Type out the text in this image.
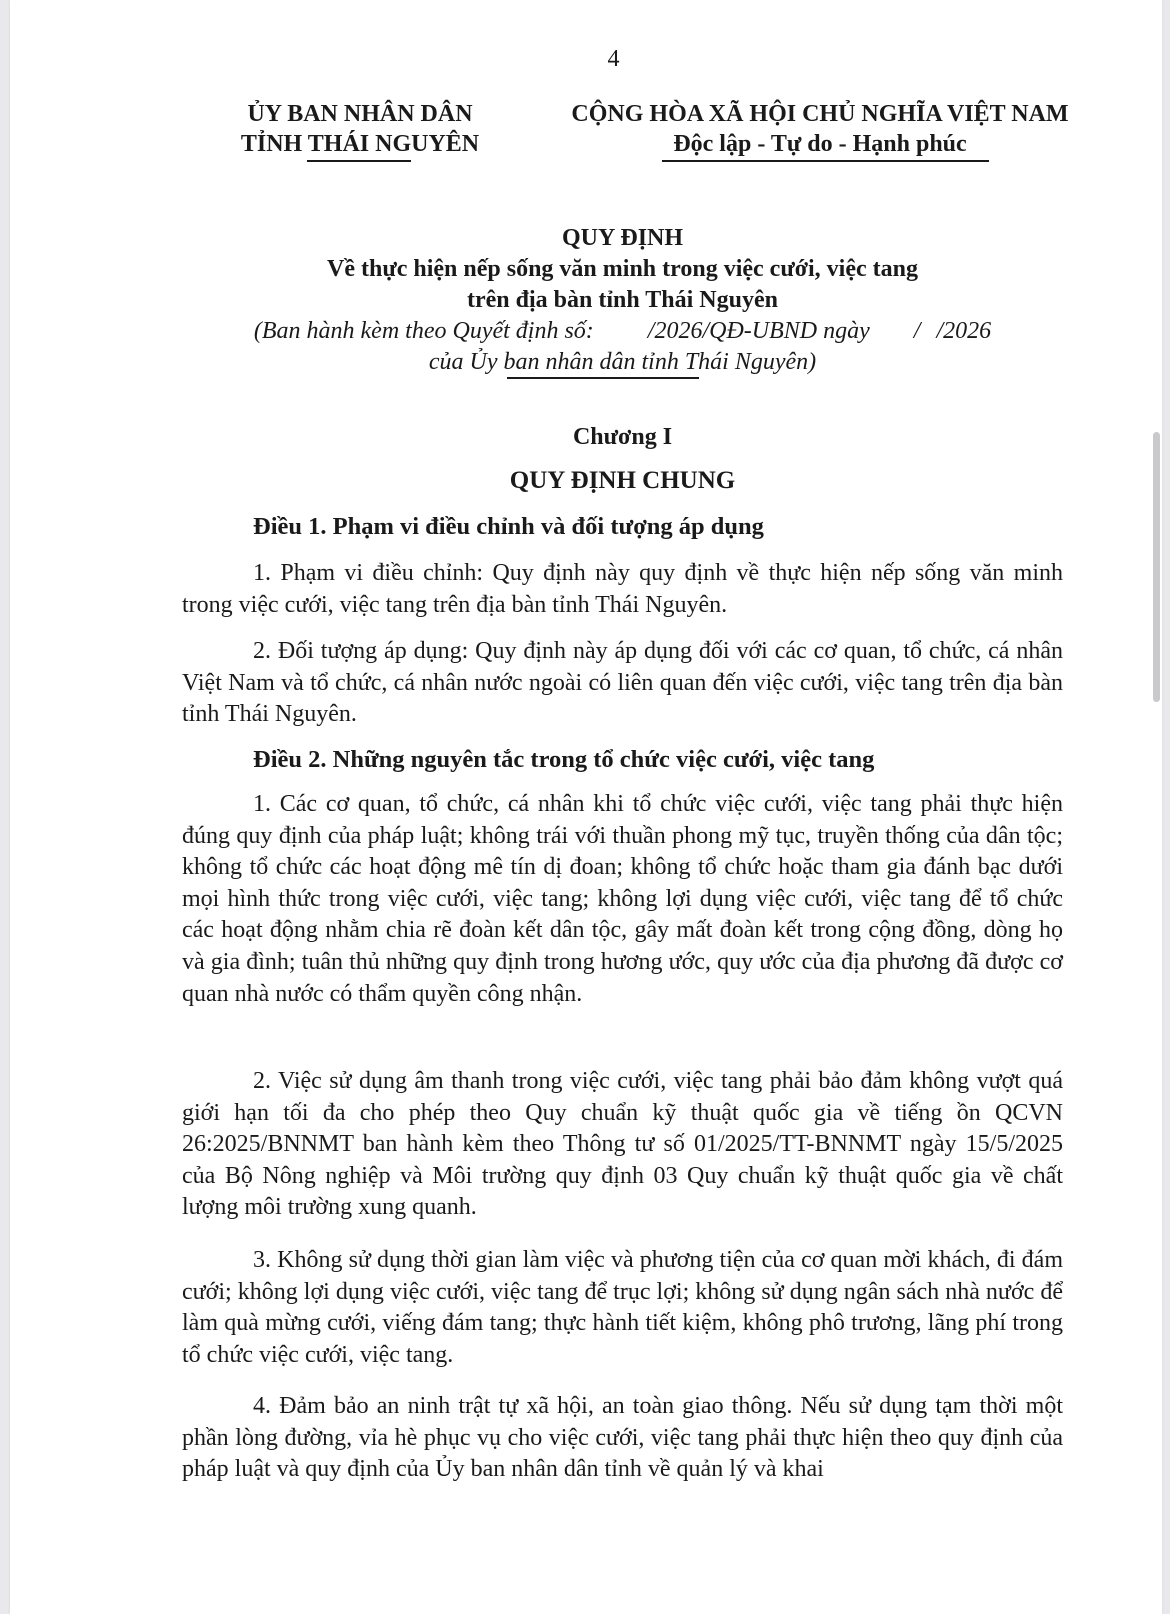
4
ỦY BAN NHÂN DÂN
TỈNH THÁI NGUYÊN
CỘNG HÒA XÃ HỘI CHỦ NGHĨA VIỆT NAM
Độc lập - Tự do - Hạnh phúc
QUY ĐỊNH
Về thực hiện nếp sống văn minh trong việc cưới, việc tang
trên địa bàn tỉnh Thái Nguyên
(Ban hành kèm theo Quyết định số: /2026/QĐ-UBND ngày / /2026
của Ủy ban nhân dân tỉnh Thái Nguyên)
Chương I
QUY ĐỊNH CHUNG
Điều 1. Phạm vi điều chỉnh và đối tượng áp dụng

1. Phạm vi điều chỉnh: Quy định này quy định về thực hiện nếp sống văn minh trong việc cưới, việc tang trên địa bàn tỉnh Thái Nguyên.

2. Đối tượng áp dụng: Quy định này áp dụng đối với các cơ quan, tổ chức, cá nhân Việt Nam và tổ chức, cá nhân nước ngoài có liên quan đến việc cưới, việc tang trên địa bàn tỉnh Thái Nguyên.

Điều 2. Những nguyên tắc trong tổ chức việc cưới, việc tang

1. Các cơ quan, tổ chức, cá nhân khi tổ chức việc cưới, việc tang phải thực hiện đúng quy định của pháp luật; không trái với thuần phong mỹ tục, truyền thống của dân tộc; không tổ chức các hoạt động mê tín dị đoan; không tổ chức hoặc tham gia đánh bạc dưới mọi hình thức trong việc cưới, việc tang; không lợi dụng việc cưới, việc tang để tổ chức các hoạt động nhằm chia rẽ đoàn kết dân tộc, gây mất đoàn kết trong cộng đồng, dòng họ và gia đình; tuân thủ những quy định trong hương ước, quy ước của địa phương đã được cơ quan nhà nước có thẩm quyền công nhận.

2. Việc sử dụng âm thanh trong việc cưới, việc tang phải bảo đảm không vượt quá giới hạn tối đa cho phép theo Quy chuẩn kỹ thuật quốc gia về tiếng ồn QCVN 26:2025/BNNMT ban hành kèm theo Thông tư số 01/2025/TT-BNNMT ngày 15/5/2025 của Bộ Nông nghiệp và Môi trường quy định 03 Quy chuẩn kỹ thuật quốc gia về chất lượng môi trường xung quanh.

3. Không sử dụng thời gian làm việc và phương tiện của cơ quan mời khách, đi đám cưới; không lợi dụng việc cưới, việc tang để trục lợi; không sử dụng ngân sách nhà nước để làm quà mừng cưới, viếng đám tang; thực hành tiết kiệm, không phô trương, lãng phí trong tổ chức việc cưới, việc tang.

4. Đảm bảo an ninh trật tự xã hội, an toàn giao thông. Nếu sử dụng tạm thời một phần lòng đường, vỉa hè phục vụ cho việc cưới, việc tang phải thực hiện theo quy định của pháp luật và quy định của Ủy ban nhân dân tỉnh về quản lý và khai
